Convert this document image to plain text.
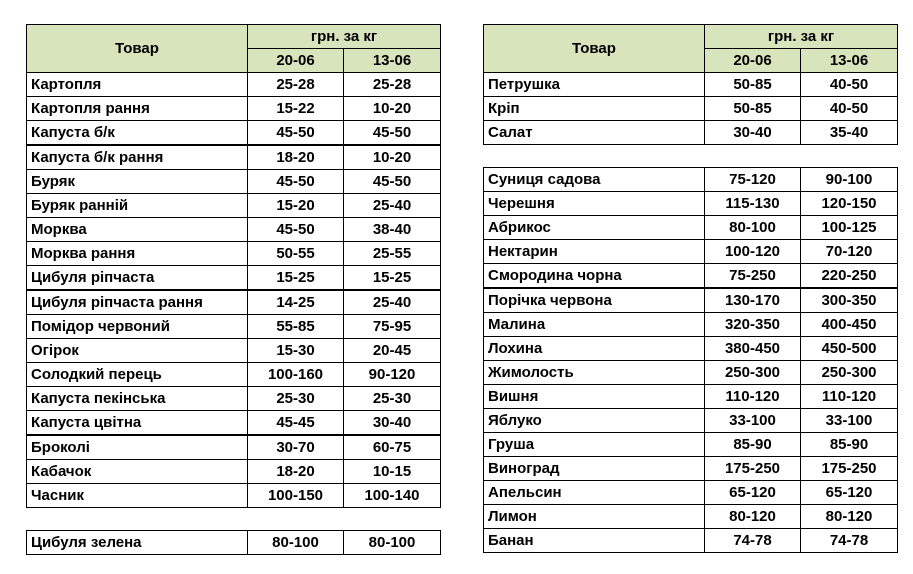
Товар	грн. за кг	
	20-06	13-06
Картопля	25-28	25-28
Картопля рання	15-22	10-20
Капуста б/к	45-50	45-50
Капуста б/к рання	18-20	10-20
Буряк	45-50	45-50
Буряк ранній	15-20	25-40
Морква	45-50	38-40
Морква рання	50-55	25-55
Цибуля ріпчаста	15-25	15-25
Цибуля ріпчаста рання	14-25	25-40
Помідор червоний	55-85	75-95
Огірок	15-30	20-45
Солодкий перець	100-160	90-120
Капуста пекінська	25-30	25-30
Капуста цвітна	45-45	30-40
Броколі	30-70	60-75
Кабачок	18-20	10-15
Часник	100-150	100-140

Цибуля зелена	80-100	80-100
Товар	грн. за кг	
	20-06	13-06
Петрушка	50-85	40-50
Кріп	50-85	40-50
Салат	30-40	35-40

Суниця садова	75-120	90-100
Черешня	115-130	120-150
Абрикос	80-100	100-125
Нектарин	100-120	70-120
Смородина чорна	75-250	220-250
Порічка червона	130-170	300-350
Малина	320-350	400-450
Лохина	380-450	450-500
Жимолость	250-300	250-300
Вишня	110-120	110-120
Яблуко	33-100	33-100
Груша	85-90	85-90
Виноград	175-250	175-250
Апельсин	65-120	65-120
Лимон	80-120	80-120
Банан	74-78	74-78
